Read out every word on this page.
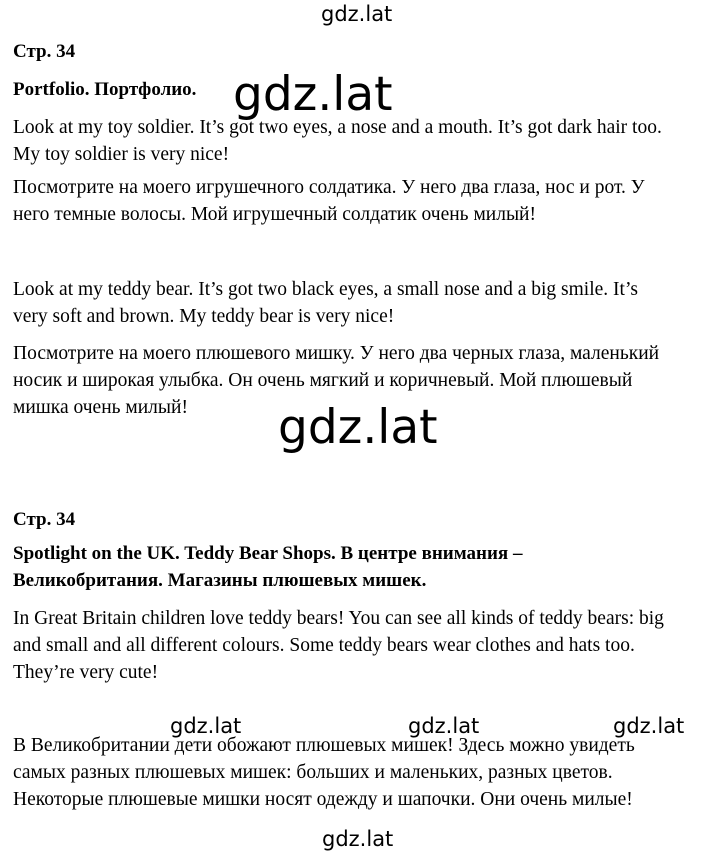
gdz.lat
gdz.lat
gdz.lat
gdz.lat	gdz.lat	gdz.lat
gdz.lat

Стр. 34

Portfolio. Портфолио.

Look at my toy soldier. It’s got two eyes, a nose and a mouth. It’s got dark hair too.
My toy soldier is very nice!
Посмотрите на моего игрушечного солдатика. У него два глаза, нос и рот. У
него темные волосы. Мой игрушечный солдатик очень милый!
Look at my teddy bear. It’s got two black eyes, a small nose and a big smile. It’s
very soft and brown. My teddy bear is very nice!
Посмотрите на моего плюшевого мишку. У него два черных глаза, маленький
носик и широкая улыбка. Он очень мягкий и коричневый. Мой плюшевый
мишка очень милый!

Стр. 34

Spotlight on the UK. Teddy Bear Shops. В центре внимания –
Великобритания. Магазины плюшевых мишек.
In Great Britain children love teddy bears! You can see all kinds of teddy bears: big
and small and all different colours. Some teddy bears wear clothes and hats too.
They’re very cute!
В Великобритании дети обожают плюшевых мишек! Здесь можно увидеть
самых разных плюшевых мишек: больших и маленьких, разных цветов.
Некоторые плюшевые мишки носят одежду и шапочки. Они очень милые!
